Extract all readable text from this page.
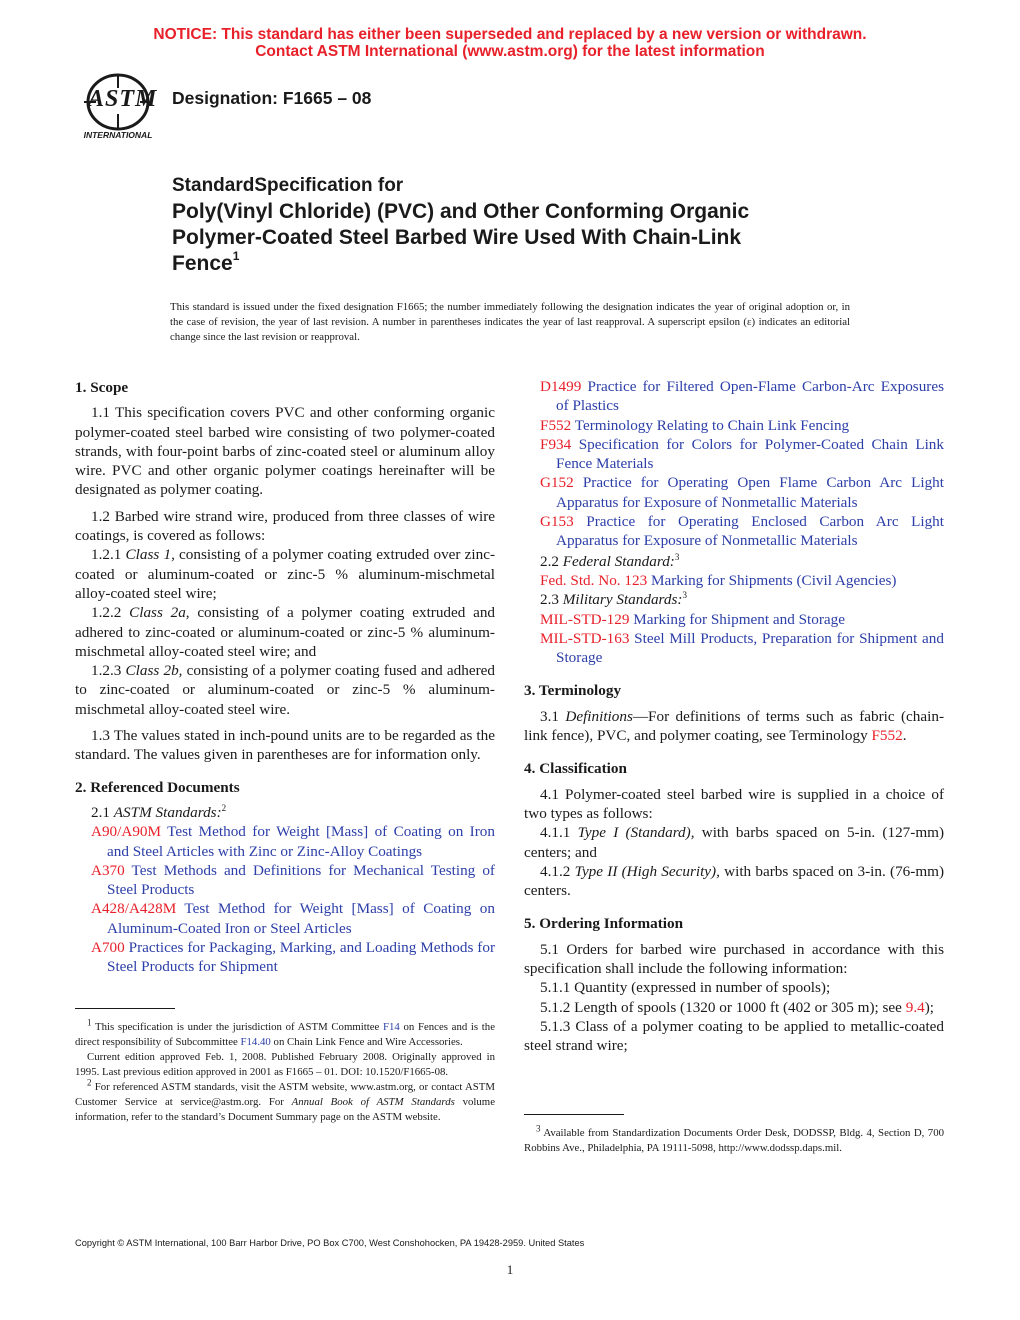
NOTICE: This standard has either been superseded and replaced by a new version or withdrawn.
Contact ASTM International (www.astm.org) for the latest information
ASTM
INTERNATIONAL
Designation: F1665 – 08
StandardSpecification for
Poly(Vinyl Chloride) (PVC) and Other Conforming Organic
Polymer-Coated Steel Barbed Wire Used With Chain-Link
Fence$^1$
This standard is issued under the fixed designation F1665; the number immediately following the designation indicates the year of original adoption or, in the case of revision, the year of last revision. A number in parentheses indicates the year of last reapproval. A superscript epsilon (ε) indicates an editorial change since the last revision or reapproval.

1. Scope

1.1 This specification covers PVC and other conforming organic polymer-coated steel barbed wire consisting of two polymer-coated strands, with four-point barbs of zinc-coated steel or aluminum alloy wire. PVC and other organic polymer coatings hereinafter will be designated as polymer coating.

1.2 Barbed wire strand wire, produced from three classes of wire coatings, is covered as follows:

1.2.1 Class 1, consisting of a polymer coating extruded over zinc-coated or aluminum-coated or zinc-5 % aluminum-mischmetal alloy-coated steel wire;

1.2.2 Class 2a, consisting of a polymer coating extruded and adhered to zinc-coated or aluminum-coated or zinc-5 % aluminum-mischmetal alloy-coated steel wire; and

1.2.3 Class 2b, consisting of a polymer coating fused and adhered to zinc-coated or aluminum-coated or zinc-5 % aluminum-mischmetal alloy-coated steel wire.

1.3 The values stated in inch-pound units are to be regarded as the standard. The values given in parentheses are for information only.

2. Referenced Documents

2.1 ASTM Standards:$^2$

A90/A90M Test Method for Weight [Mass] of Coating on Iron and Steel Articles with Zinc or Zinc-Alloy Coatings

A370 Test Methods and Definitions for Mechanical Testing of Steel Products

A428/A428M Test Method for Weight [Mass] of Coating on Aluminum-Coated Iron or Steel Articles

A700 Practices for Packaging, Marking, and Loading Methods for Steel Products for Shipment

$^1$ This specification is under the jurisdiction of ASTM Committee F14 on Fences and is the direct responsibility of Subcommittee F14.40 on Chain Link Fence and Wire Accessories.

Current edition approved Feb. 1, 2008. Published February 2008. Originally approved in 1995. Last previous edition approved in 2001 as F1665 – 01. DOI: 10.1520/F1665-08.

$^2$ For referenced ASTM standards, visit the ASTM website, www.astm.org, or contact ASTM Customer Service at service@astm.org. For Annual Book of ASTM Standards volume information, refer to the standard’s Document Summary page on the ASTM website.

D1499 Practice for Filtered Open-Flame Carbon-Arc Exposures of Plastics

F552 Terminology Relating to Chain Link Fencing

F934 Specification for Colors for Polymer-Coated Chain Link Fence Materials

G152 Practice for Operating Open Flame Carbon Arc Light Apparatus for Exposure of Nonmetallic Materials

G153 Practice for Operating Enclosed Carbon Arc Light Apparatus for Exposure of Nonmetallic Materials

2.2 Federal Standard:$^3$

Fed. Std. No. 123 Marking for Shipments (Civil Agencies)

2.3 Military Standards:$^3$

MIL-STD-129 Marking for Shipment and Storage

MIL-STD-163 Steel Mill Products, Preparation for Shipment and Storage

3. Terminology

3.1 Definitions—For definitions of terms such as fabric (chain-link fence), PVC, and polymer coating, see Terminology F552.

4. Classification

4.1 Polymer-coated steel barbed wire is supplied in a choice of two types as follows:

4.1.1 Type I (Standard), with barbs spaced on 5-in. (127-mm) centers; and

4.1.2 Type II (High Security), with barbs spaced on 3-in. (76-mm) centers.

5. Ordering Information

5.1 Orders for barbed wire purchased in accordance with this specification shall include the following information:

5.1.1 Quantity (expressed in number of spools);

5.1.2 Length of spools (1320 or 1000 ft (402 or 305 m); see 9.4);

5.1.3 Class of a polymer coating to be applied to metallic-coated steel strand wire;

$^3$ Available from Standardization Documents Order Desk, DODSSP, Bldg. 4, Section D, 700 Robbins Ave., Philadelphia, PA 19111-5098, http://www.dodssp.daps.mil.

Copyright © ASTM International, 100 Barr Harbor Drive, PO Box C700, West Conshohocken, PA 19428-2959. United States
1
